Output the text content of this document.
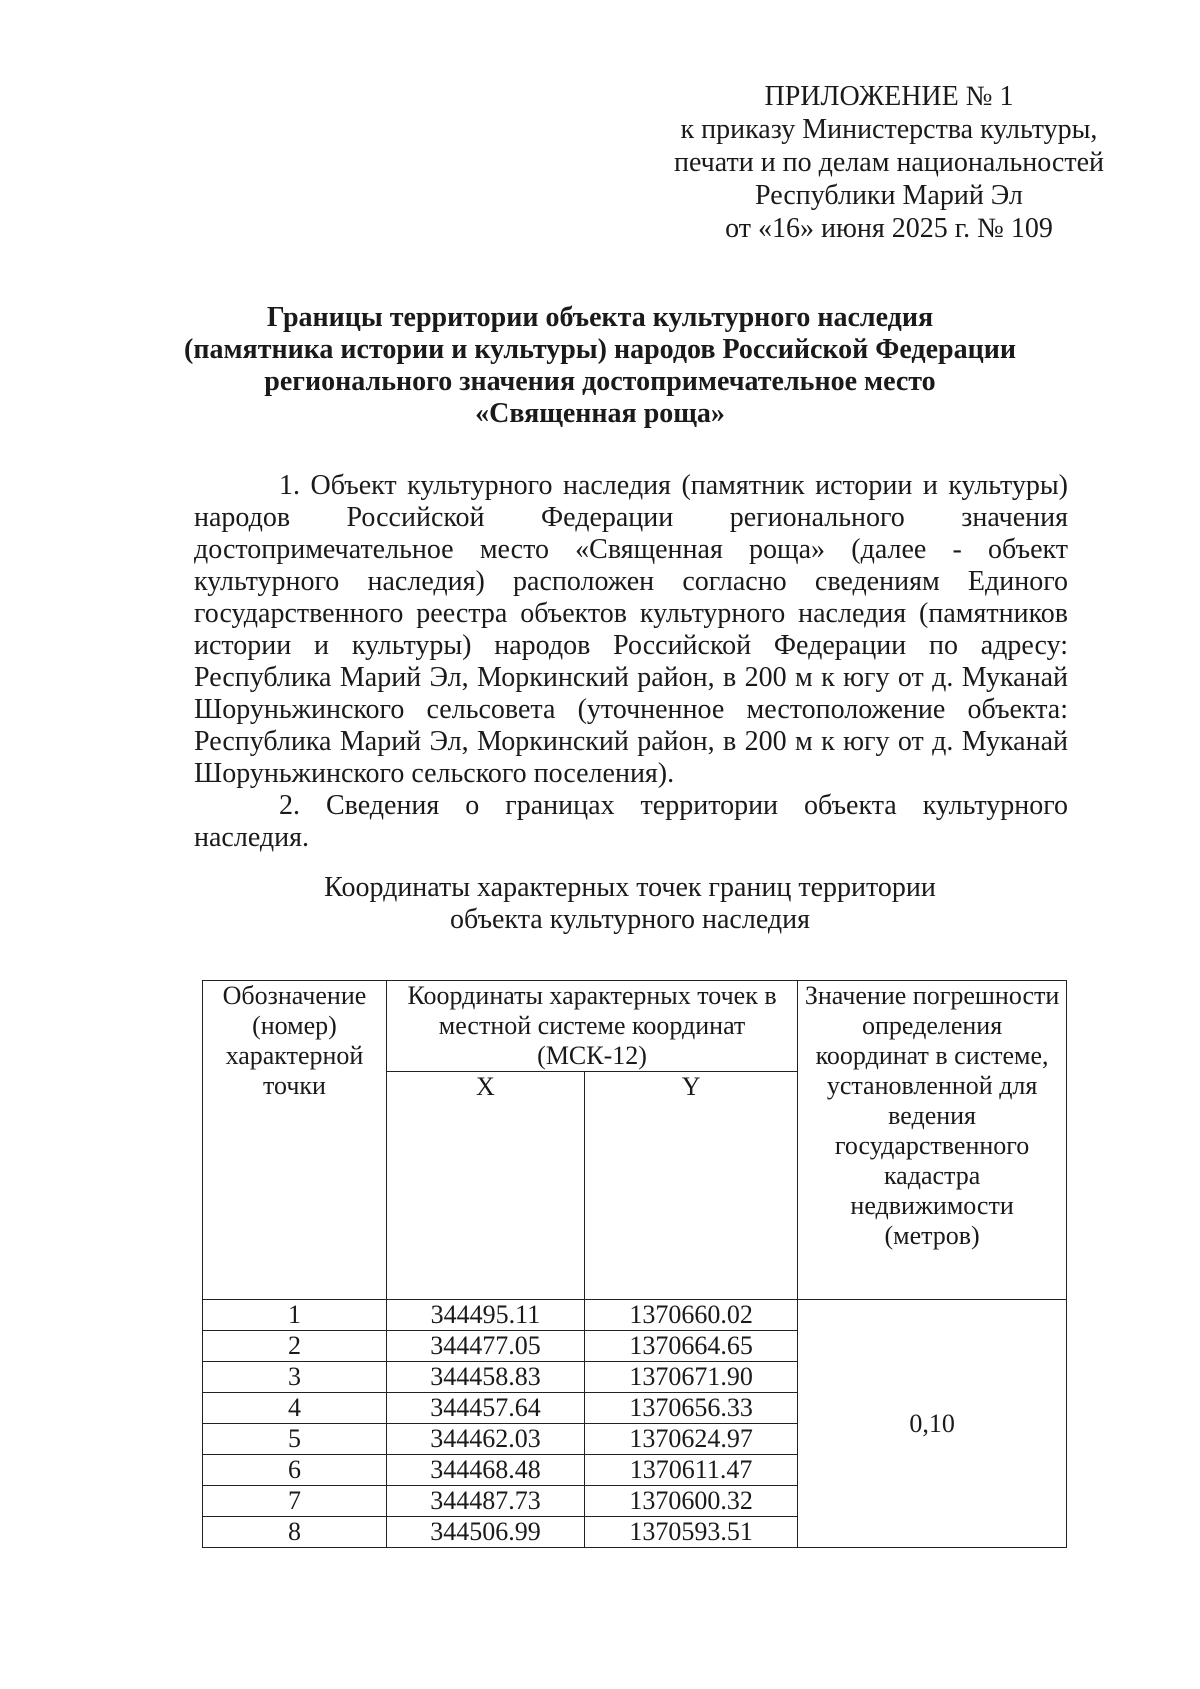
ПРИЛОЖЕНИЕ № 1
к приказу Министерства культуры,
печати и по делам национальностей
Республики Марий Эл
от «16» июня 2025 г. № 109
Границы территории объекта культурного наследия
(памятника истории и культуры) народов Российской Федерации
регионального значения достопримечательное место
«Священная роща»

1. Объект культурного наследия (памятник истории и культуры) народов Российской Федерации регионального значения достопримечательное место «Священная роща» (далее - объект культурного наследия) расположен согласно сведениям Единого государственного реестра объектов культурного наследия (памятников истории и культуры) народов Российской Федерации по адресу: Республика Марий Эл, Моркинский район, в 200 м к югу от д. Муканай Шоруньжинского сельсовета (уточненное местоположение объекта: Республика Марий Эл, Моркинский район, в 200 м к югу от д. Муканай Шоруньжинского сельского поселения).

2. Сведения о границах территории объекта культурного наследия.

Координаты характерных точек границ территории
объекта культурного наследия
Обозначение (номер) характерной точки	Координаты характерных точек в местной системе координат (МСК-12)		Значение погрешности определения координат в системе, установленной для ведения государственного кадастра недвижимости (метров)
	X	Y	
1	344495.11	1370660.02	0,10
2	344477.05	1370664.65	
3	344458.83	1370671.90	
4	344457.64	1370656.33	
5	344462.03	1370624.97	
6	344468.48	1370611.47	
7	344487.73	1370600.32	
8	344506.99	1370593.51	
